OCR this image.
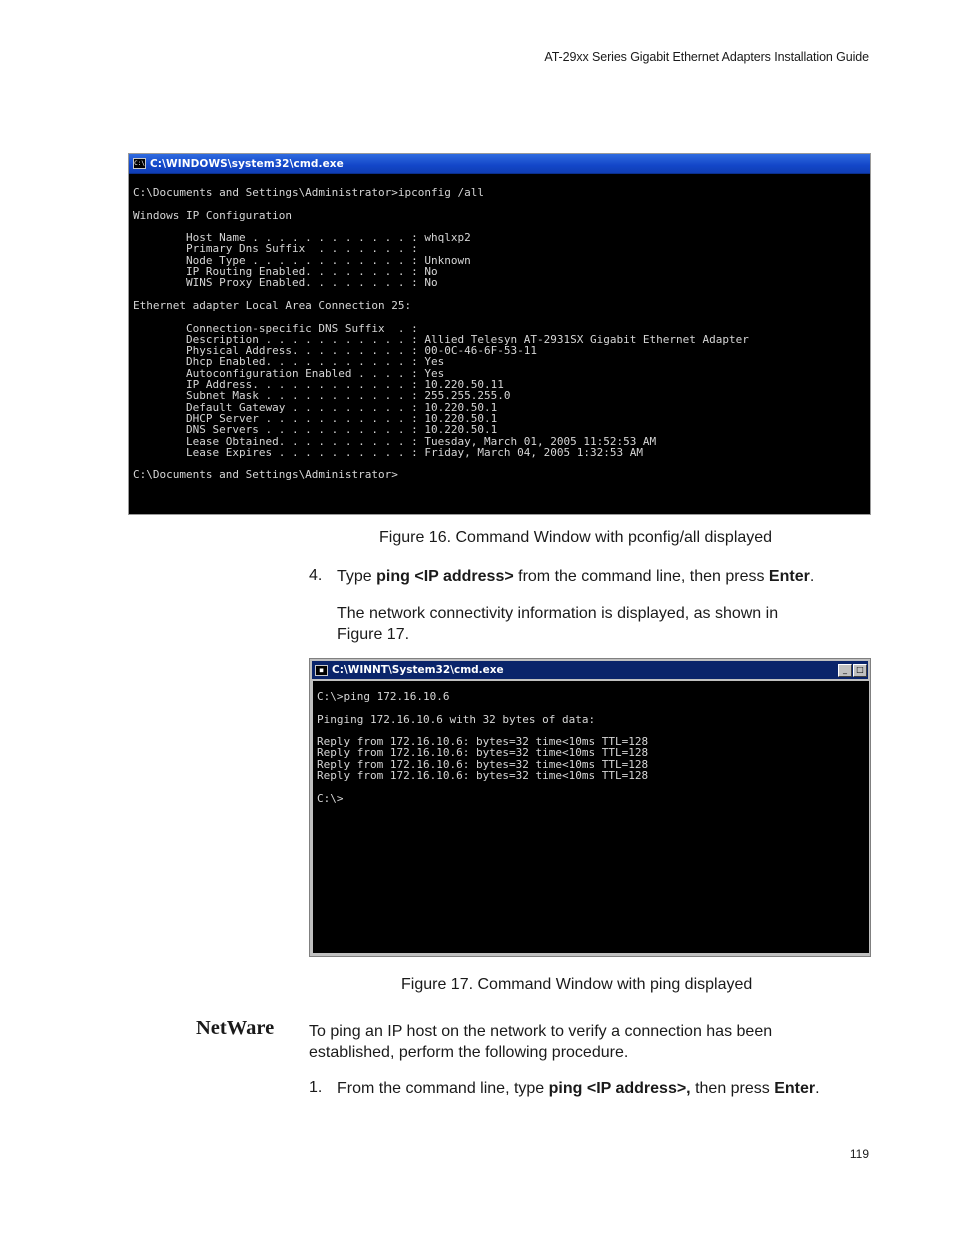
AT-29xx Series Gigabit Ethernet Adapters Installation Guide
C:\ C:\WINDOWS\system32\cmd.exe
C:\Documents and Settings\Administrator>ipconfig /all

Windows IP Configuration

Host Name . . . . . . . . . . . . : whqlxp2
Primary Dns Suffix  . . . . . . . :
Node Type . . . . . . . . . . . . : Unknown
IP Routing Enabled. . . . . . . . : No
WINS Proxy Enabled. . . . . . . . : No

Ethernet adapter Local Area Connection 25:

Connection-specific DNS Suffix  . :
Description . . . . . . . . . . . : Allied Telesyn AT-2931SX Gigabit Ethernet Adapter
Physical Address. . . . . . . . . : 00-0C-46-6F-53-11
Dhcp Enabled. . . . . . . . . . . : Yes
Autoconfiguration Enabled . . . . : Yes
IP Address. . . . . . . . . . . . : 10.220.50.11
Subnet Mask . . . . . . . . . . . : 255.255.255.0
Default Gateway . . . . . . . . . : 10.220.50.1
DHCP Server . . . . . . . . . . . : 10.220.50.1
DNS Servers . . . . . . . . . . . : 10.220.50.1
Lease Obtained. . . . . . . . . . : Tuesday, March 01, 2005 11:52:53 AM
Lease Expires . . . . . . . . . . : Friday, March 04, 2005 1:32:53 AM

C:\Documents and Settings\Administrator>
Figure 16. Command Window with pconfig/all displayed
4. Type ping <IP address> from the command line, then press Enter.
The network connectivity information is displayed, as shown in
Figure 17.
■ C:\WINNT\System32\cmd.exe	_	□
C:\>ping 172.16.10.6

Pinging 172.16.10.6 with 32 bytes of data:

Reply from 172.16.10.6: bytes=32 time<10ms TTL=128
Reply from 172.16.10.6: bytes=32 time<10ms TTL=128
Reply from 172.16.10.6: bytes=32 time<10ms TTL=128
Reply from 172.16.10.6: bytes=32 time<10ms TTL=128

C:\>
Figure 17. Command Window with ping displayed
NetWare To ping an IP host on the network to verify a connection has been
established, perform the following procedure.
1. From the command line, type ping <IP address>, then press Enter.
119
